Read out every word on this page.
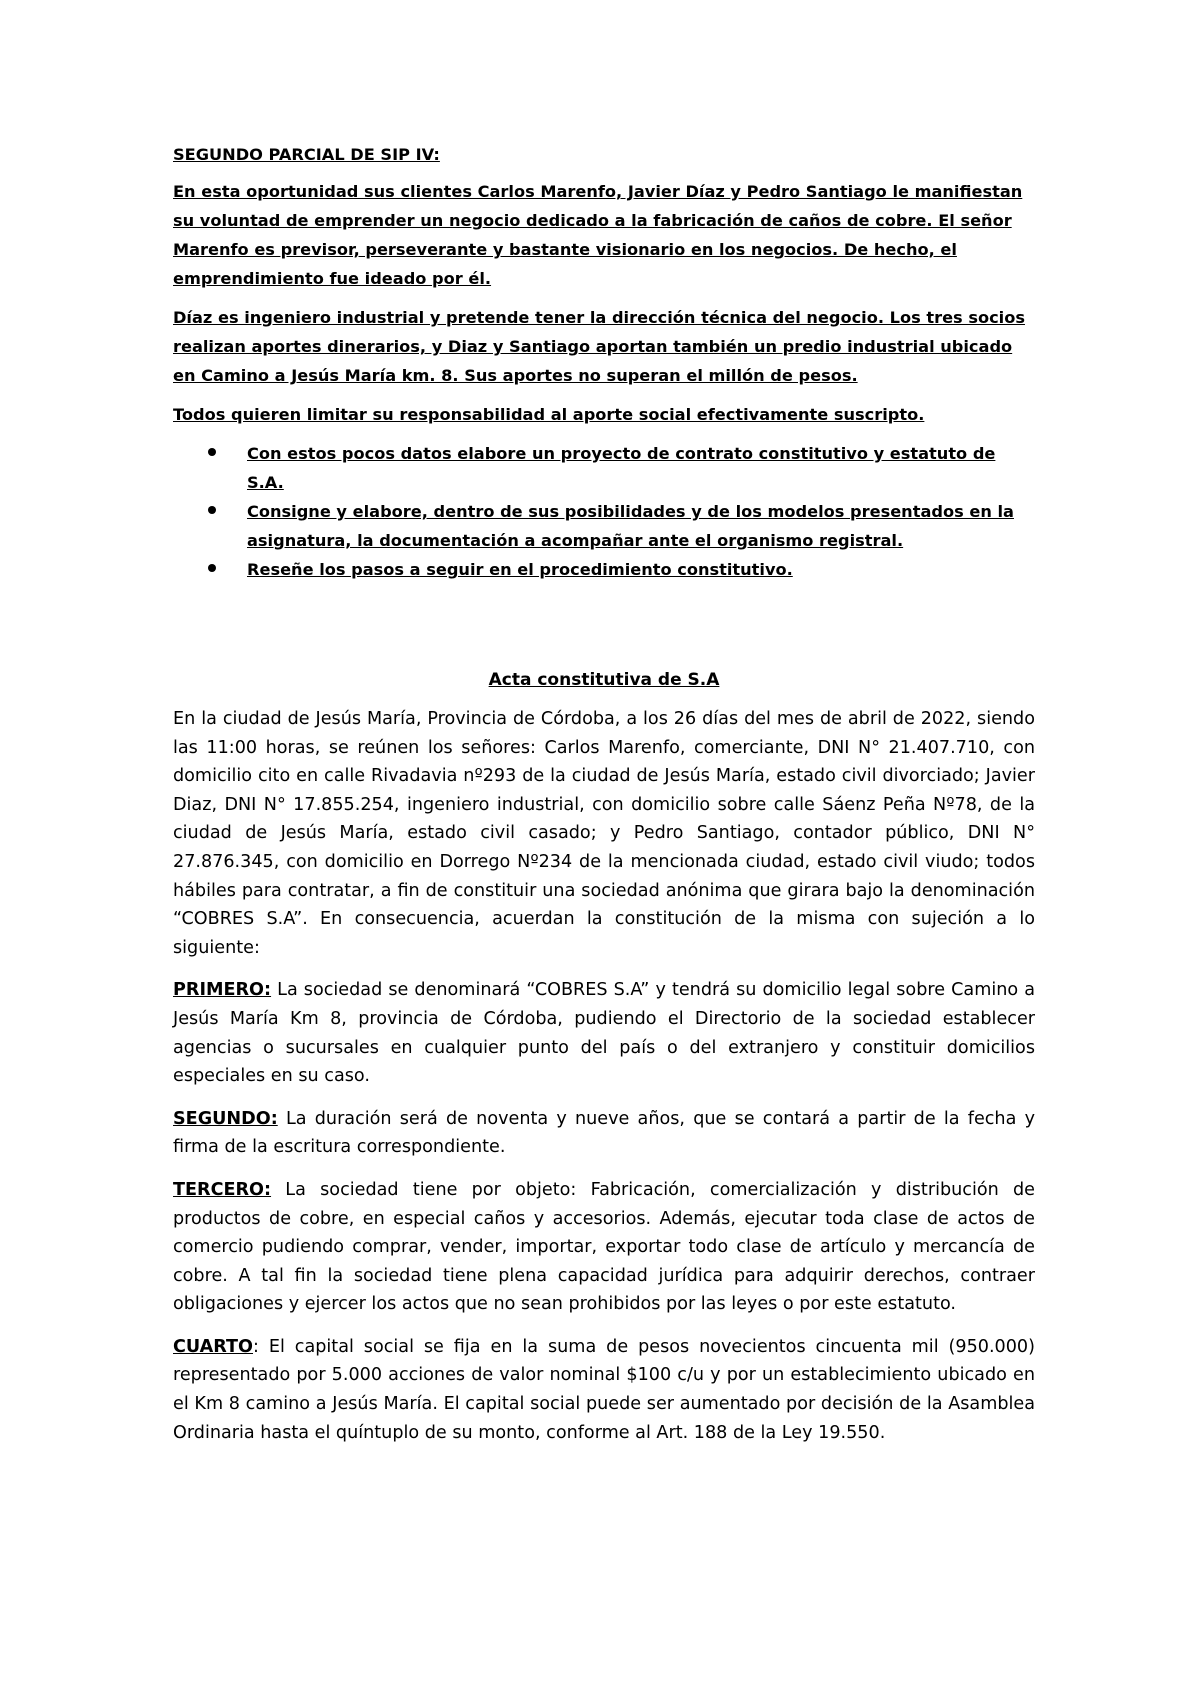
SEGUNDO PARCIAL DE SIP IV:

En esta oportunidad sus clientes Carlos Marenfo, Javier Díaz y Pedro Santiago le manifiestan su voluntad de emprender un negocio dedicado a la fabricación de caños de cobre. El señor Marenfo es previsor, perseverante y bastante visionario en los negocios. De hecho, el emprendimiento fue ideado por él.

Díaz es ingeniero industrial y pretende tener la dirección técnica del negocio. Los tres socios realizan aportes dinerarios, y Diaz y Santiago aportan también un predio industrial ubicado en Camino a Jesús María km. 8. Sus aportes no superan el millón de pesos.

Todos quieren limitar su responsabilidad al aporte social efectivamente suscripto.

Con estos pocos datos elabore un proyecto de contrato constitutivo y estatuto de S.A.
Consigne y elabore, dentro de sus posibilidades y de los modelos presentados en la asignatura, la documentación a acompañar ante el organismo registral.
Reseñe los pasos a seguir en el procedimiento constitutivo.

Acta constitutiva de S.A

En la ciudad de Jesús María, Provincia de Córdoba, a los 26 días del mes de abril de 2022, siendo las 11:00 horas, se reúnen los señores: Carlos Marenfo, comerciante, DNI N° 21.407.710, con domicilio cito en calle Rivadavia nº293 de la ciudad de Jesús María, estado civil divorciado; Javier Diaz, DNI N° 17.855.254, ingeniero industrial, con domicilio sobre calle Sáenz Peña Nº78, de la ciudad de Jesús María, estado civil casado; y Pedro Santiago, contador público, DNI N° 27.876.345, con domicilio en Dorrego Nº234 de la mencionada ciudad, estado civil viudo; todos hábiles para contratar, a fin de constituir una sociedad anónima que girara bajo la denominación “COBRES S.A”. En consecuencia, acuerdan la constitución de la misma con sujeción a lo siguiente:

PRIMERO: La sociedad se denominará “COBRES S.A” y tendrá su domicilio legal sobre Camino a Jesús María Km 8, provincia de Córdoba, pudiendo el Directorio de la sociedad establecer agencias o sucursales en cualquier punto del país o del extranjero y constituir domicilios especiales en su caso.

SEGUNDO: La duración será de noventa y nueve años, que se contará a partir de la fecha y firma de la escritura correspondiente.

TERCERO: La sociedad tiene por objeto: Fabricación, comercialización y distribución de productos de cobre, en especial caños y accesorios. Además, ejecutar toda clase de actos de comercio pudiendo comprar, vender, importar, exportar todo clase de artículo y mercancía de cobre. A tal fin la sociedad tiene plena capacidad jurídica para adquirir derechos, contraer obligaciones y ejercer los actos que no sean prohibidos por las leyes o por este estatuto.

CUARTO: El capital social se fija en la suma de pesos novecientos cincuenta mil (950.000) representado por 5.000 acciones de valor nominal $100 c/u y por un establecimiento ubicado en el Km 8 camino a Jesús María. El capital social puede ser aumentado por decisión de la Asamblea Ordinaria hasta el quíntuplo de su monto, conforme al Art. 188 de la Ley 19.550.
